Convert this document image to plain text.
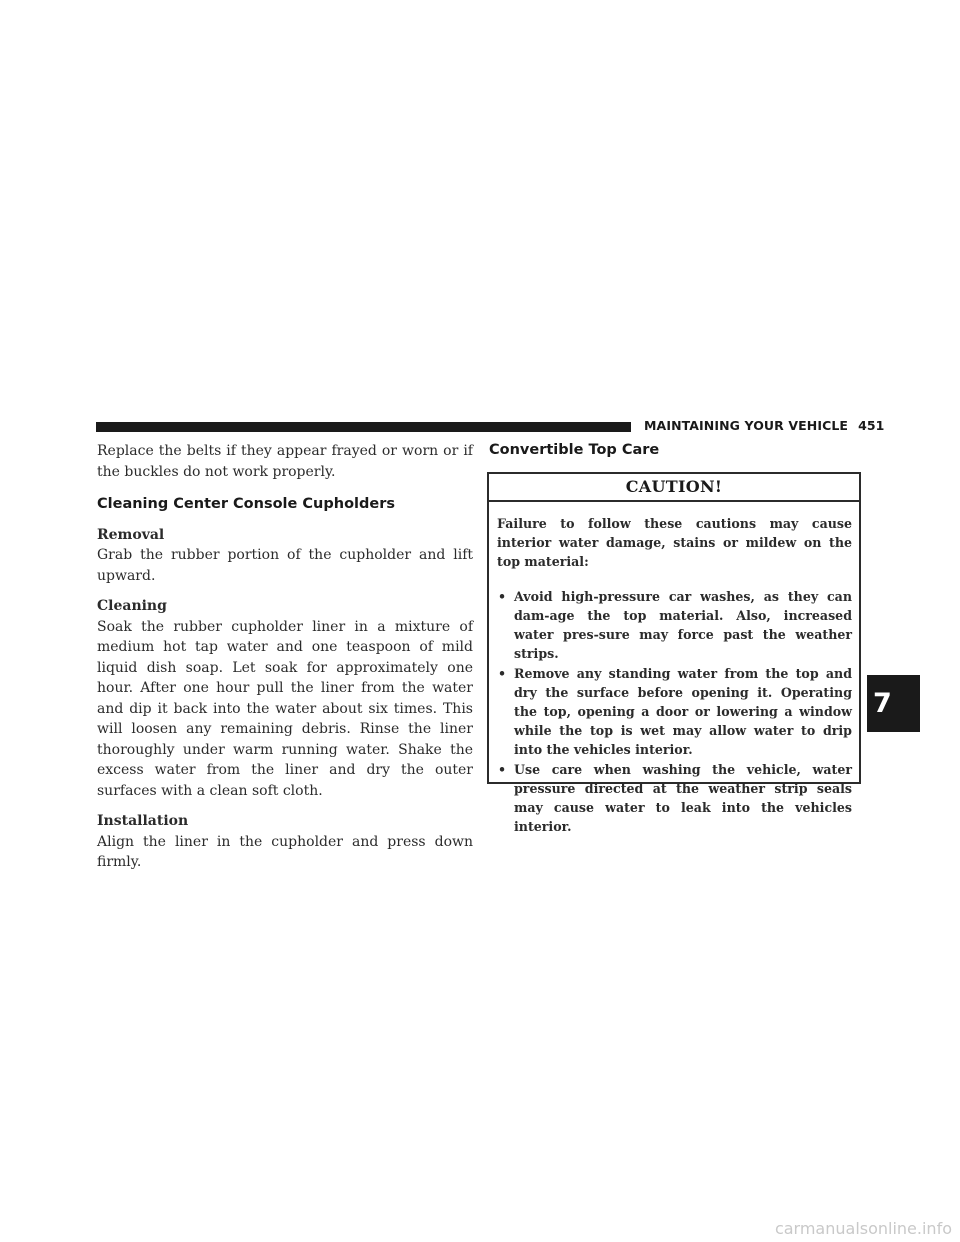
MAINTAINING YOUR VEHICLE 451

Replace the belts if they appear frayed or worn or if the buckles do not work properly.

Cleaning Center Console Cupholders

Removal

Grab the rubber portion of the cupholder and lift upward.

Cleaning

Soak the rubber cupholder liner in a mixture of medium hot tap water and one teaspoon of mild liquid dish soap. Let soak for approximately one hour. After one hour pull the liner from the water and dip it back into the water about six times. This will loosen any remaining debris. Rinse the liner thoroughly under warm running water. Shake the excess water from the liner and dry the outer surfaces with a clean soft cloth.

Installation

Align the liner in the cupholder and press down firmly.

Convertible Top Care
CAUTION!

Failure to follow these cautions may cause interior water damage, stains or mildew on the top material:

• Avoid high-pressure car washes, as they can dam-age the top material. Also, increased water pres-sure may force past the weather strips.
• Remove any standing water from the top and dry the surface before opening it. Operating the top, opening a door or lowering a window while the top is wet may allow water to drip into the vehicles interior.
• Use care when washing the vehicle, water pressure directed at the weather strip seals may cause water to leak into the vehicles interior.
7
carmanualsonline.info
